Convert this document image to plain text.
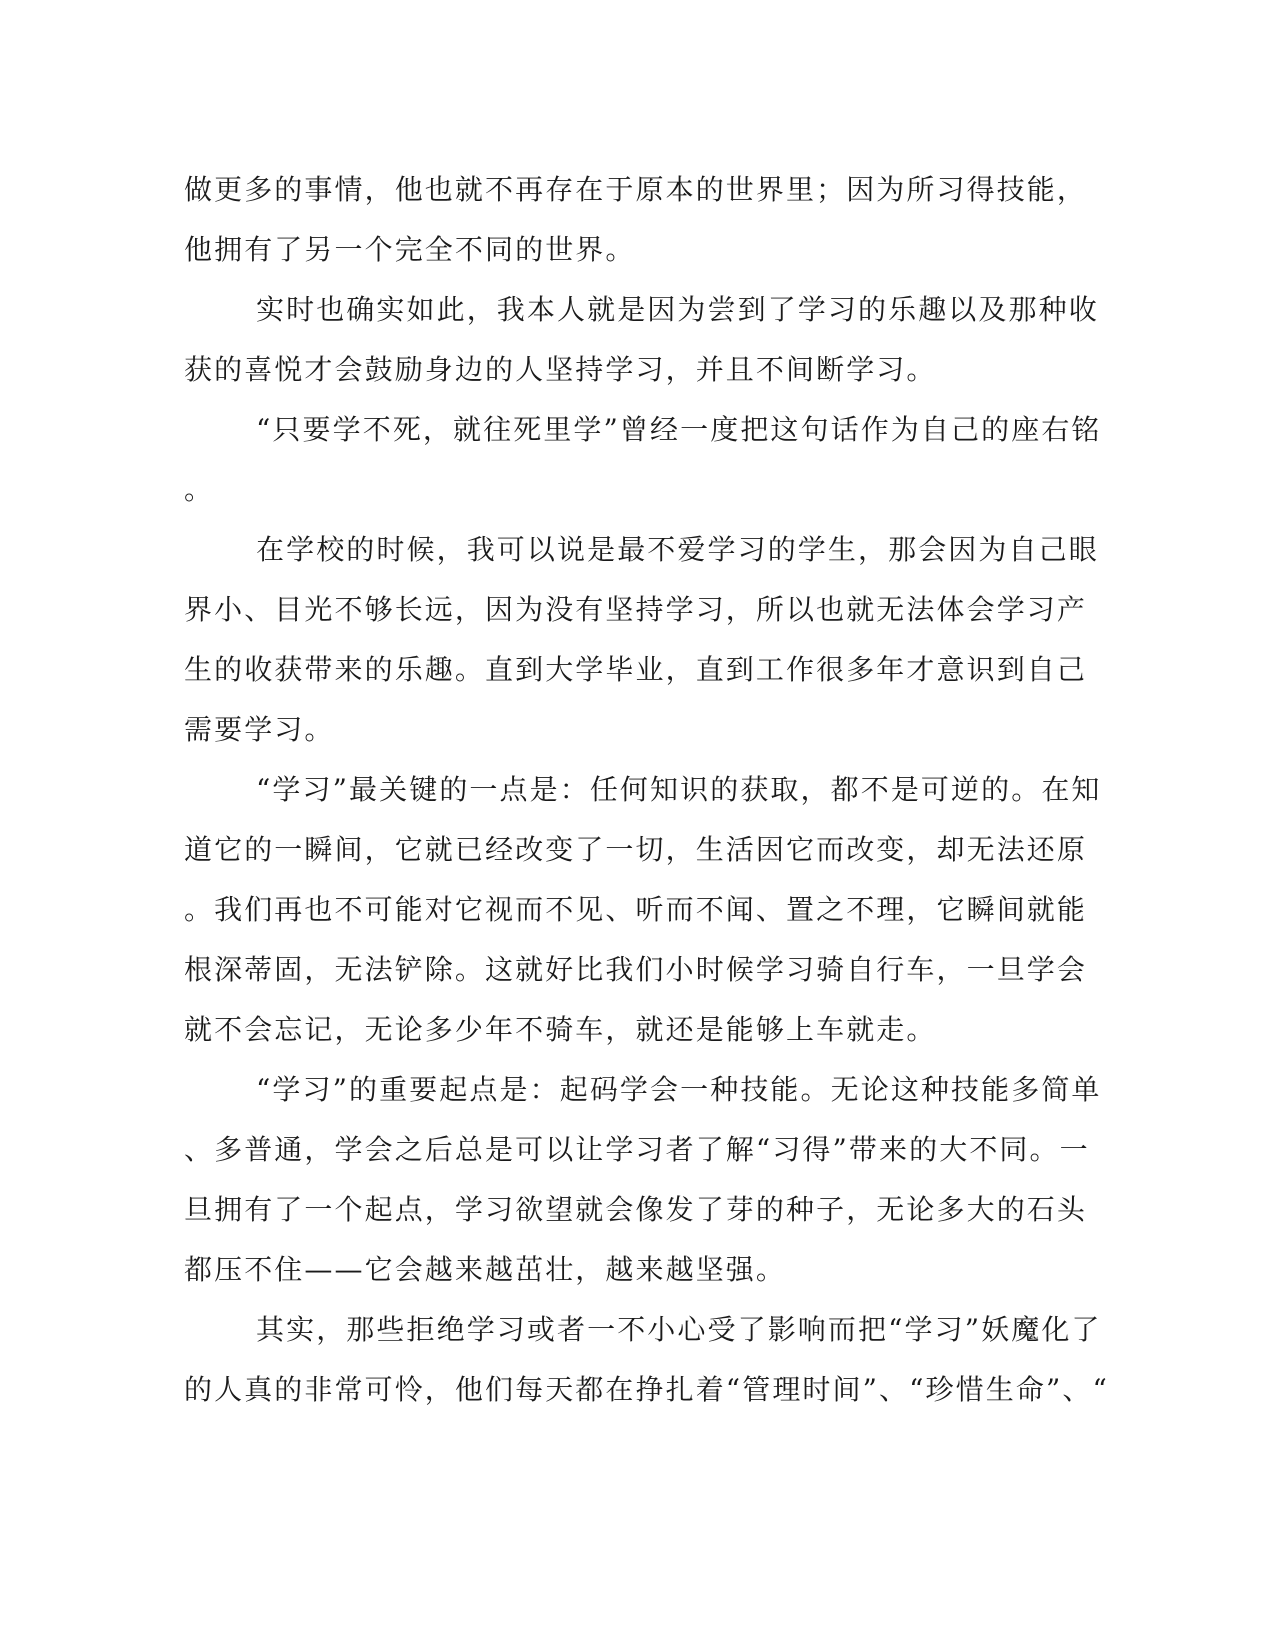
做更多的事情，他也就不再存在于原本的世界里；因为所习得技能，
他拥有了另一个完全不同的世界。
实时也确实如此，我本人就是因为尝到了学习的乐趣以及那种收
获的喜悦才会鼓励身边的人坚持学习，并且不间断学习。
“只要学不死，就往死里学”曾经一度把这句话作为自己的座右铭
。
在学校的时候，我可以说是最不爱学习的学生，那会因为自己眼
界小、目光不够长远，因为没有坚持学习，所以也就无法体会学习产
生的收获带来的乐趣。直到大学毕业，直到工作很多年才意识到自己
需要学习。
“学习”最关键的一点是：任何知识的获取，都不是可逆的。在知
道它的一瞬间，它就已经改变了一切，生活因它而改变，却无法还原
。我们再也不可能对它视而不见、听而不闻、置之不理，它瞬间就能
根深蒂固，无法铲除。这就好比我们小时候学习骑自行车，一旦学会
就不会忘记，无论多少年不骑车，就还是能够上车就走。
“学习”的重要起点是：起码学会一种技能。无论这种技能多简单
、多普通，学会之后总是可以让学习者了解“习得”带来的大不同。一
旦拥有了一个起点，学习欲望就会像发了芽的种子，无论多大的石头
都压不住——它会越来越茁壮，越来越坚强。
其实，那些拒绝学习或者一不小心受了影响而把“学习”妖魔化了
的人真的非常可怜，他们每天都在挣扎着“管理时间”、“珍惜生命”、“
